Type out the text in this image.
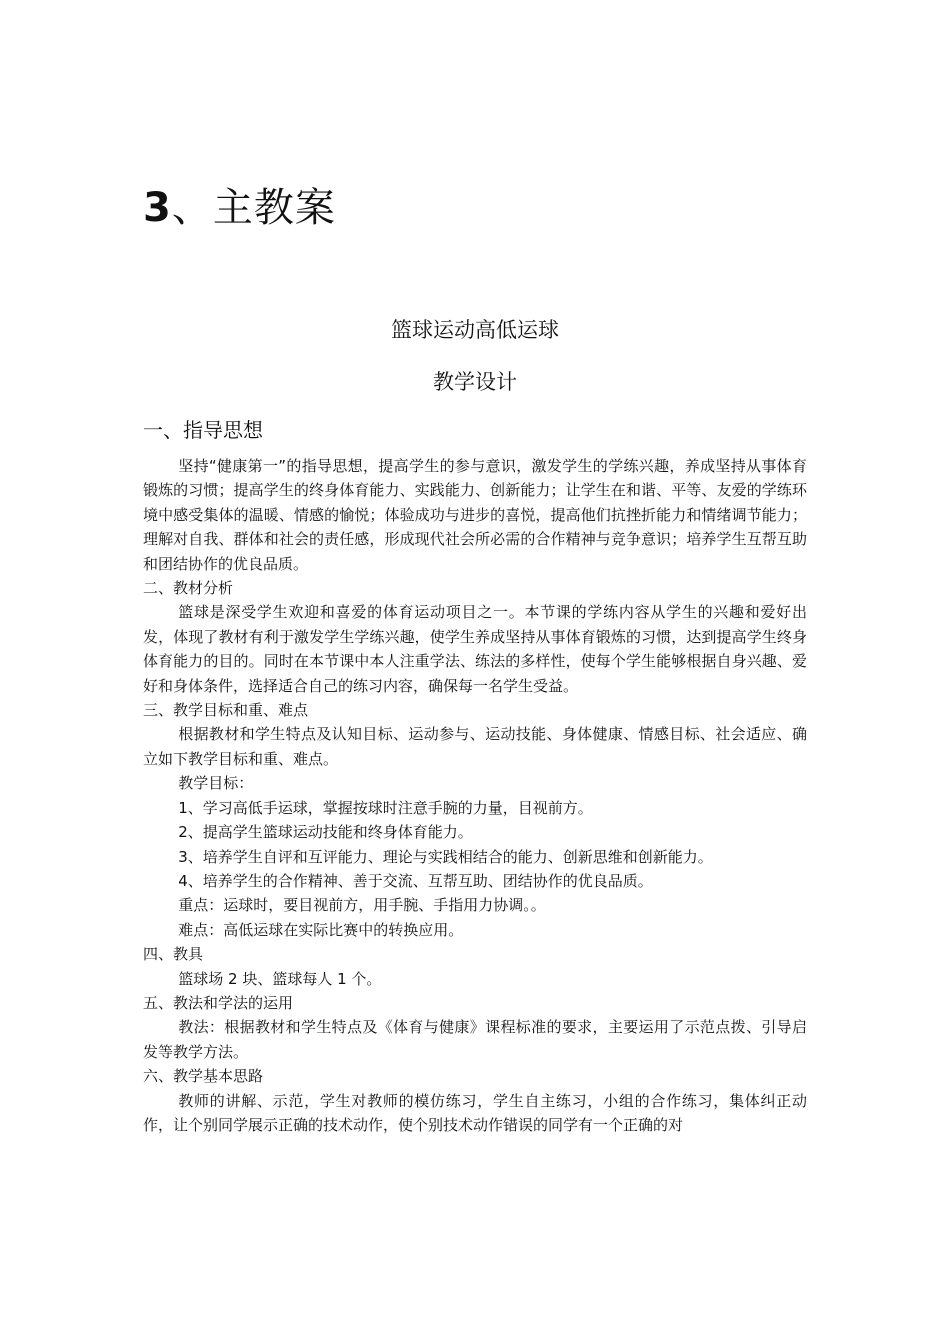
3、主教案
篮球运动高低运球
教学设计
一、指导思想

坚持“健康第一”的指导思想，提高学生的参与意识，激发学生的学练兴趣，养成坚持从事体育锻炼的习惯；提高学生的终身体育能力、实践能力、创新能力；让学生在和谐、平等、友爱的学练环境中感受集体的温暖、情感的愉悦；体验成功与进步的喜悦，提高他们抗挫折能力和情绪调节能力；理解对自我、群体和社会的责任感，形成现代社会所必需的合作精神与竞争意识；培养学生互帮互助和团结协作的优良品质。

二、教材分析

篮球是深受学生欢迎和喜爱的体育运动项目之一。本节课的学练内容从学生的兴趣和爱好出发，体现了教材有利于激发学生学练兴趣，使学生养成坚持从事体育锻炼的习惯，达到提高学生终身体育能力的目的。同时在本节课中本人注重学法、练法的多样性，使每个学生能够根据自身兴趣、爱好和身体条件，选择适合自己的练习内容，确保每一名学生受益。

三、教学目标和重、难点

根据教材和学生特点及认知目标、运动参与、运动技能、身体健康、情感目标、社会适应、确立如下教学目标和重、难点。

教学目标：

1、学习高低手运球，掌握按球时注意手腕的力量，目视前方。

2、提高学生篮球运动技能和终身体育能力。

3、培养学生自评和互评能力、理论与实践相结合的能力、创新思维和创新能力。

4、培养学生的合作精神、善于交流、互帮互助、团结协作的优良品质。

重点：运球时，要目视前方，用手腕、手指用力协调。。

难点：高低运球在实际比赛中的转换应用。

四、教具

篮球场 2 块、篮球每人 1 个。

五、教法和学法的运用

教法：根据教材和学生特点及《体育与健康》课程标准的要求，主要运用了示范点拨、引导启发等教学方法。

六、教学基本思路

教师的讲解、示范，学生对教师的模仿练习，学生自主练习，小组的合作练习，集体纠正动作，让个别同学展示正确的技术动作，使个别技术动作错误的同学有一个正确的对
